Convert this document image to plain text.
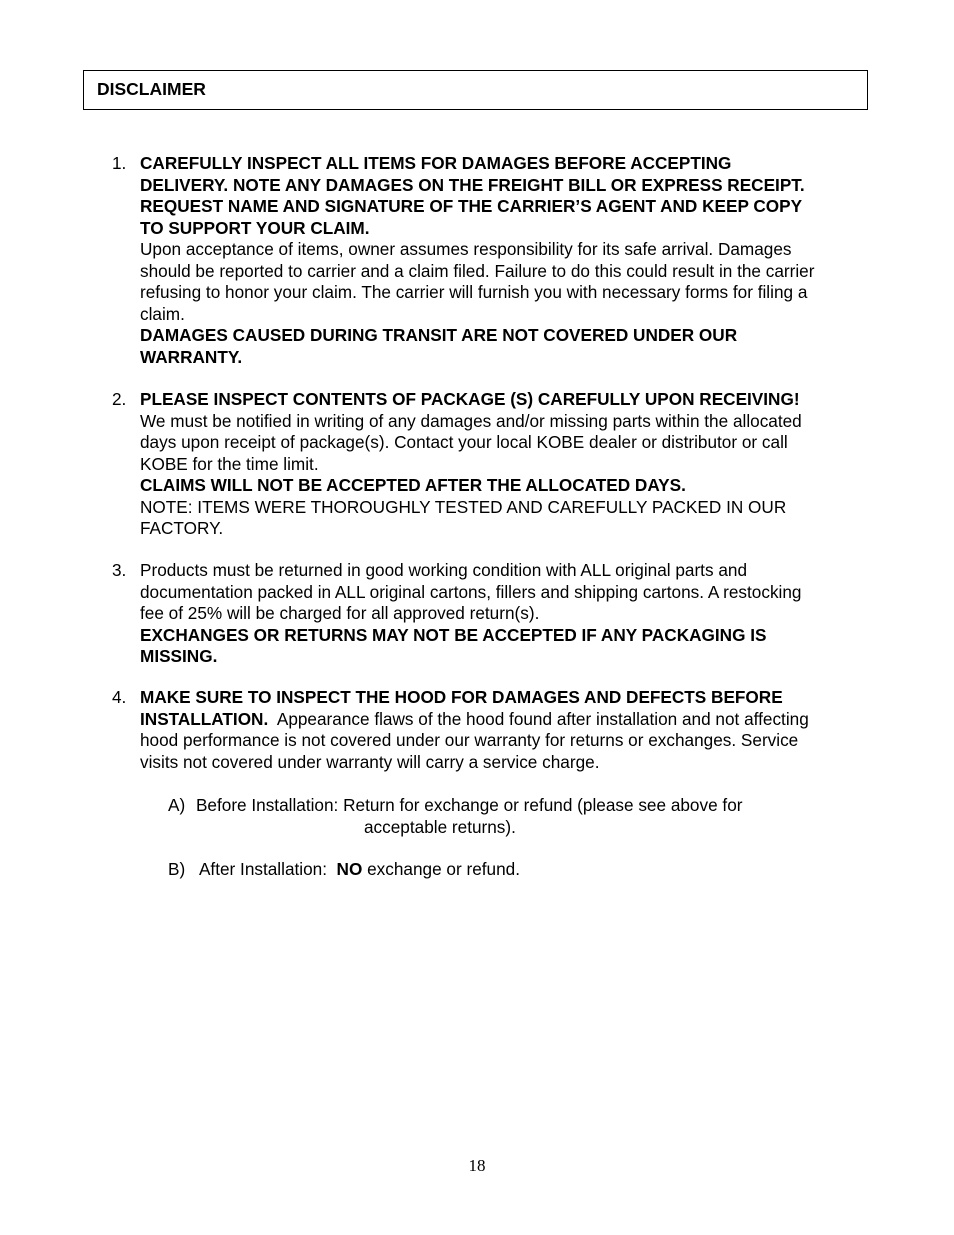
DISCLAIMER
1. CAREFULLY INSPECT ALL ITEMS FOR DAMAGES BEFORE ACCEPTING
DELIVERY. NOTE ANY DAMAGES ON THE FREIGHT BILL OR EXPRESS RECEIPT.
REQUEST NAME AND SIGNATURE OF THE CARRIER’S AGENT AND KEEP COPY
TO SUPPORT YOUR CLAIM.
Upon acceptance of items, owner assumes responsibility for its safe arrival. Damages
should be reported to carrier and a claim filed. Failure to do this could result in the carrier
refusing to honor your claim. The carrier will furnish you with necessary forms for filing a
claim.
DAMAGES CAUSED DURING TRANSIT ARE NOT COVERED UNDER OUR
WARRANTY.
2. PLEASE INSPECT CONTENTS OF PACKAGE (S) CAREFULLY UPON RECEIVING!
We must be notified in writing of any damages and/or missing parts within the allocated
days upon receipt of package(s). Contact your local KOBE dealer or distributor or call
KOBE for the time limit.
CLAIMS WILL NOT BE ACCEPTED AFTER THE ALLOCATED DAYS.
NOTE: ITEMS WERE THOROUGHLY TESTED AND CAREFULLY PACKED IN OUR
FACTORY.
3. Products must be returned in good working condition with ALL original parts and
documentation packed in ALL original cartons, fillers and shipping cartons. A restocking
fee of 25% will be charged for all approved return(s).
EXCHANGES OR RETURNS MAY NOT BE ACCEPTED IF ANY PACKAGING IS
MISSING.
4. MAKE SURE TO INSPECT THE HOOD FOR DAMAGES AND DEFECTS BEFORE
INSTALLATION.  Appearance flaws of the hood found after installation and not affecting
hood performance is not covered under our warranty for returns or exchanges. Service
visits not covered under warranty will carry a service charge.
A) Before Installation: Return for exchange or refund (please see above for
acceptable returns).
B) After Installation:  NO exchange or refund.
18
